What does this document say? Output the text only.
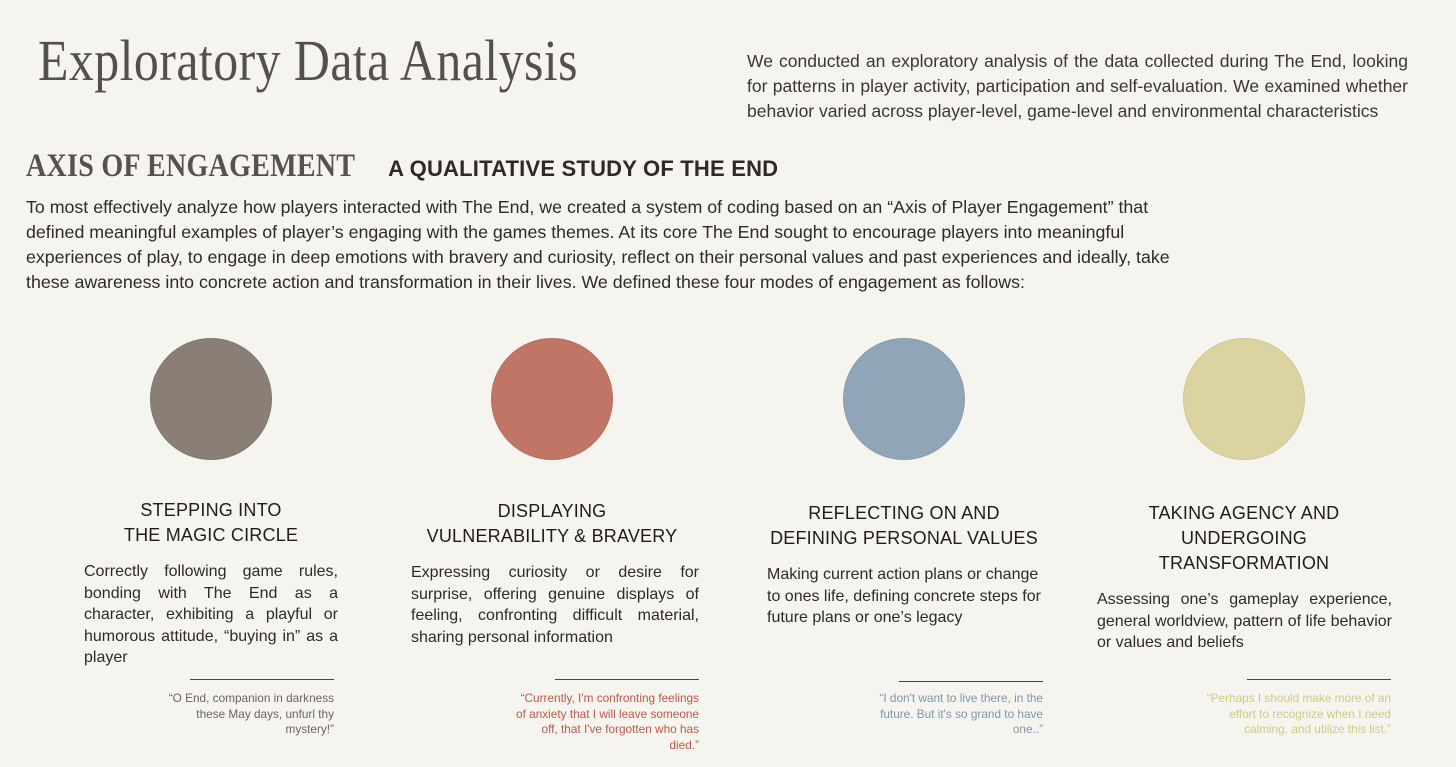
Exploratory Data Analysis	We conducted an exploratory analysis of the data collected during The End, looking for patterns in player activity, participation and self-evaluation. We examined whether behavior varied across player-level, game-level and environmental characteristics

AXIS OF ENGAGEMENT A QUALITATIVE STUDY OF THE END

To most effectively analyze how players interacted with The End, we created a system of coding based on an “Axis of Player Engagement” that defined meaningful examples of player’s engaging with the games themes. At its core The End sought to encourage players into meaningful experiences of play, to engage in deep emotions with bravery and curiosity, reflect on their personal values and past experiences and ideally, take these awareness into concrete action and transformation in their lives. We defined these four modes of engagement as follows:

STEPPING INTO
THE MAGIC CIRCLE
Correctly following game rules, bonding with The End as a character, exhibiting a playful or humorous attitude, “buying in” as a player
“O End, companion in darkness these May days, unfurl thy mystery!”
DISPLAYING
VULNERABILITY & BRAVERY
Expressing curiosity or desire for surprise, offering genuine displays of feeling, confronting difficult material, sharing personal information
“Currently, I'm confronting feelings of anxiety that I will leave someone off, that I've forgotten who has died.”
REFLECTING ON AND
DEFINING PERSONAL VALUES
Making current action plans or change to ones life, defining concrete steps for future plans or one’s legacy
“I don't want to live there, in the future. But it's so grand to have one..”
TAKING AGENCY AND
UNDERGOING TRANSFORMATION
Assessing one’s gameplay experience, general worldview, pattern of life behavior or values and beliefs
“Perhaps I should make more of an effort to recognize when I need calming, and utilize this list.”
